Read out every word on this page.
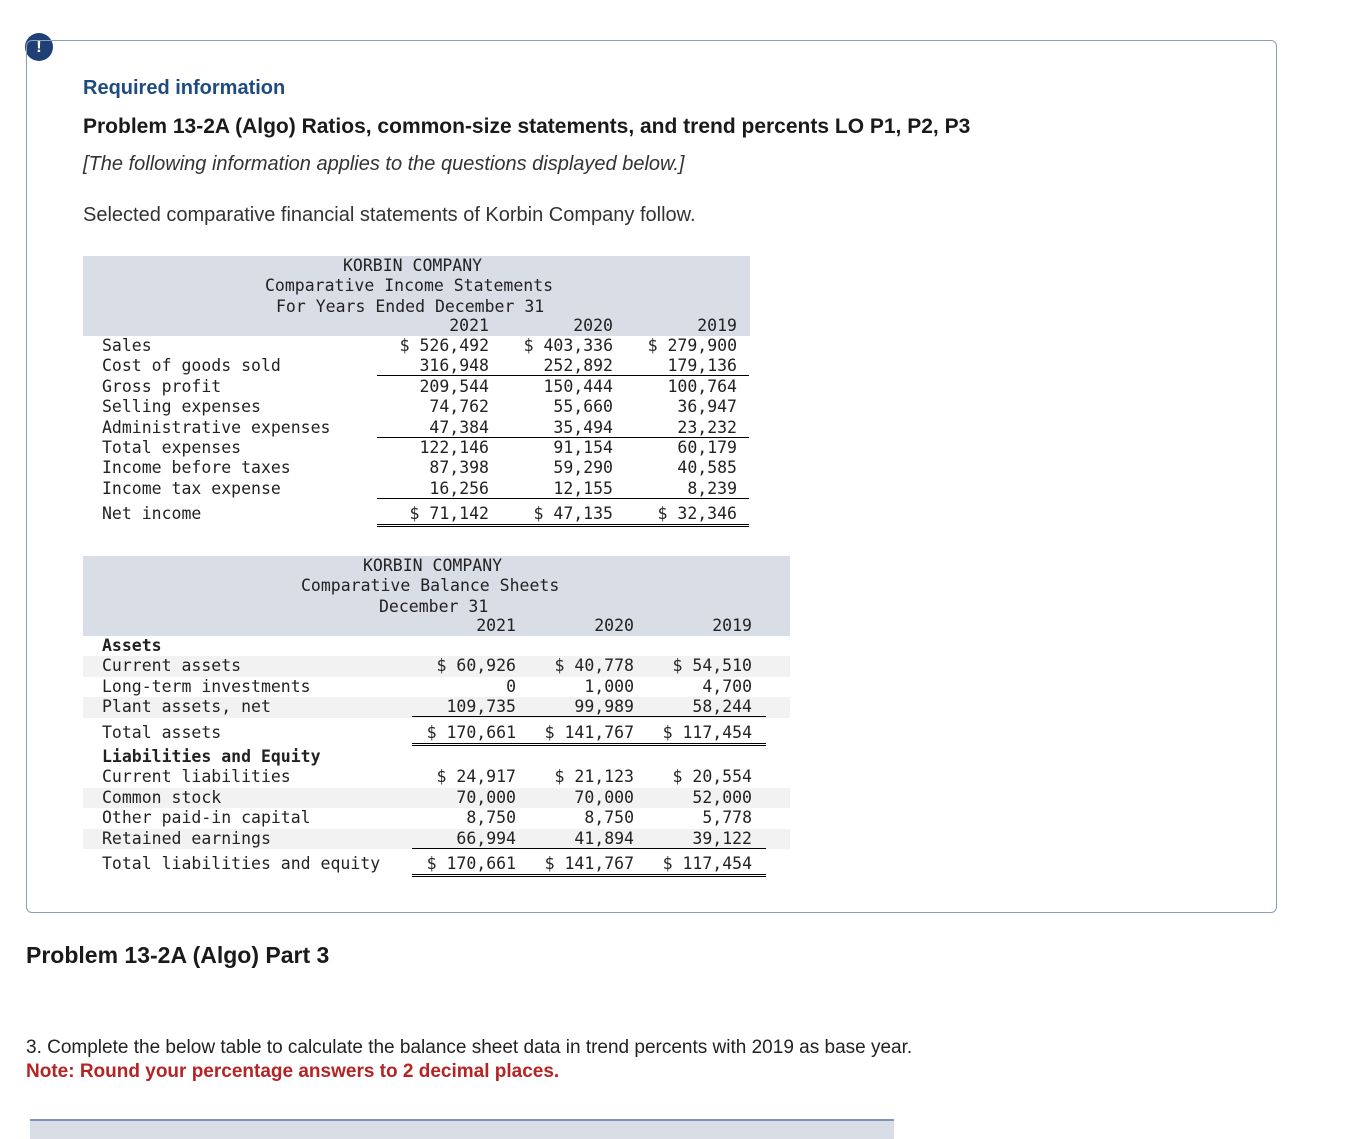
!
Required information
Problem 13-2A (Algo) Ratios, common-size statements, and trend percents LO P1, P2, P3
[The following information applies to the questions displayed below.]
Selected comparative financial statements of Korbin Company follow.

KORBIN COMPANY

Comparative Income Statements

For Years Ended December 31

2021	2020	2019
Sales	$ 526,492 $ 403,336 $ 279,900
Cost of goods sold	316,948	252,892	179,136
Gross profit	209,544	150,444	100,764
Selling expenses	74,762	55,660	36,947
Administrative expenses	47,384	35,494	23,232
Total expenses	122,146	91,154	60,179
Income before taxes	87,398	59,290	40,585
Income tax expense	16,256	12,155	8,239
Net income	$ 71,142	$ 47,135	$ 32,346
KORBIN COMPANY
Comparative Balance Sheets
December 31
2021	2020	2019
Assets
Current assets	$ 60,926 $ 40,778 $ 54,510
Long-term investments	0	1,000	4,700
Plant assets, net	109,735	99,989	58,244
Total assets	$ 170,661 $ 141,767 $ 117,454
Liabilities and Equity
Current liabilities	$ 24,917 $ 21,123 $ 20,554
Common stock	70,000	70,000	52,000
Other paid-in capital	8,750	8,750	5,778
Retained earnings	66,994	41,894	39,122
Total liabilities and equity	$ 170,661 $ 141,767 $ 117,454
Problem 13-2A (Algo) Part 3
3. Complete the below table to calculate the balance sheet data in trend percents with 2019 as base year.
Note: Round your percentage answers to 2 decimal places.
